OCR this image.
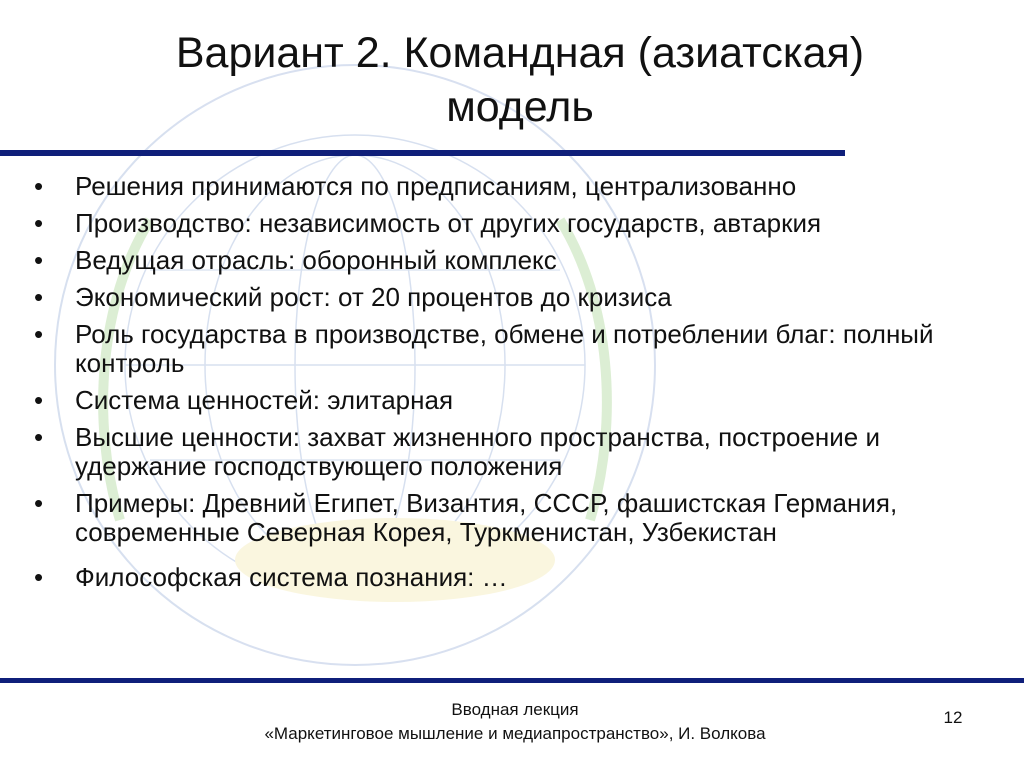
Вариант 2. Командная (азиатская)
модель
• Решения принимаются по предписаниям, централизованно
• Производство: независимость от других государств, автаркия
• Ведущая отрасль: оборонный комплекс
• Экономический рост: от 20 процентов до кризиса
• Роль государства в производстве, обмене и потреблении благ: полный контроль
• Система ценностей: элитарная
• Высшие ценности: захват жизненного пространства, построение и удержание господствующего положения
• Примеры: Древний Египет, Византия, СССР, фашистская Германия, современные Северная Корея, Туркменистан, Узбекистан
• Философская система познания: …
Вводная лекция
«Маркетинговое мышление и медиапространство», И. Волкова
12
